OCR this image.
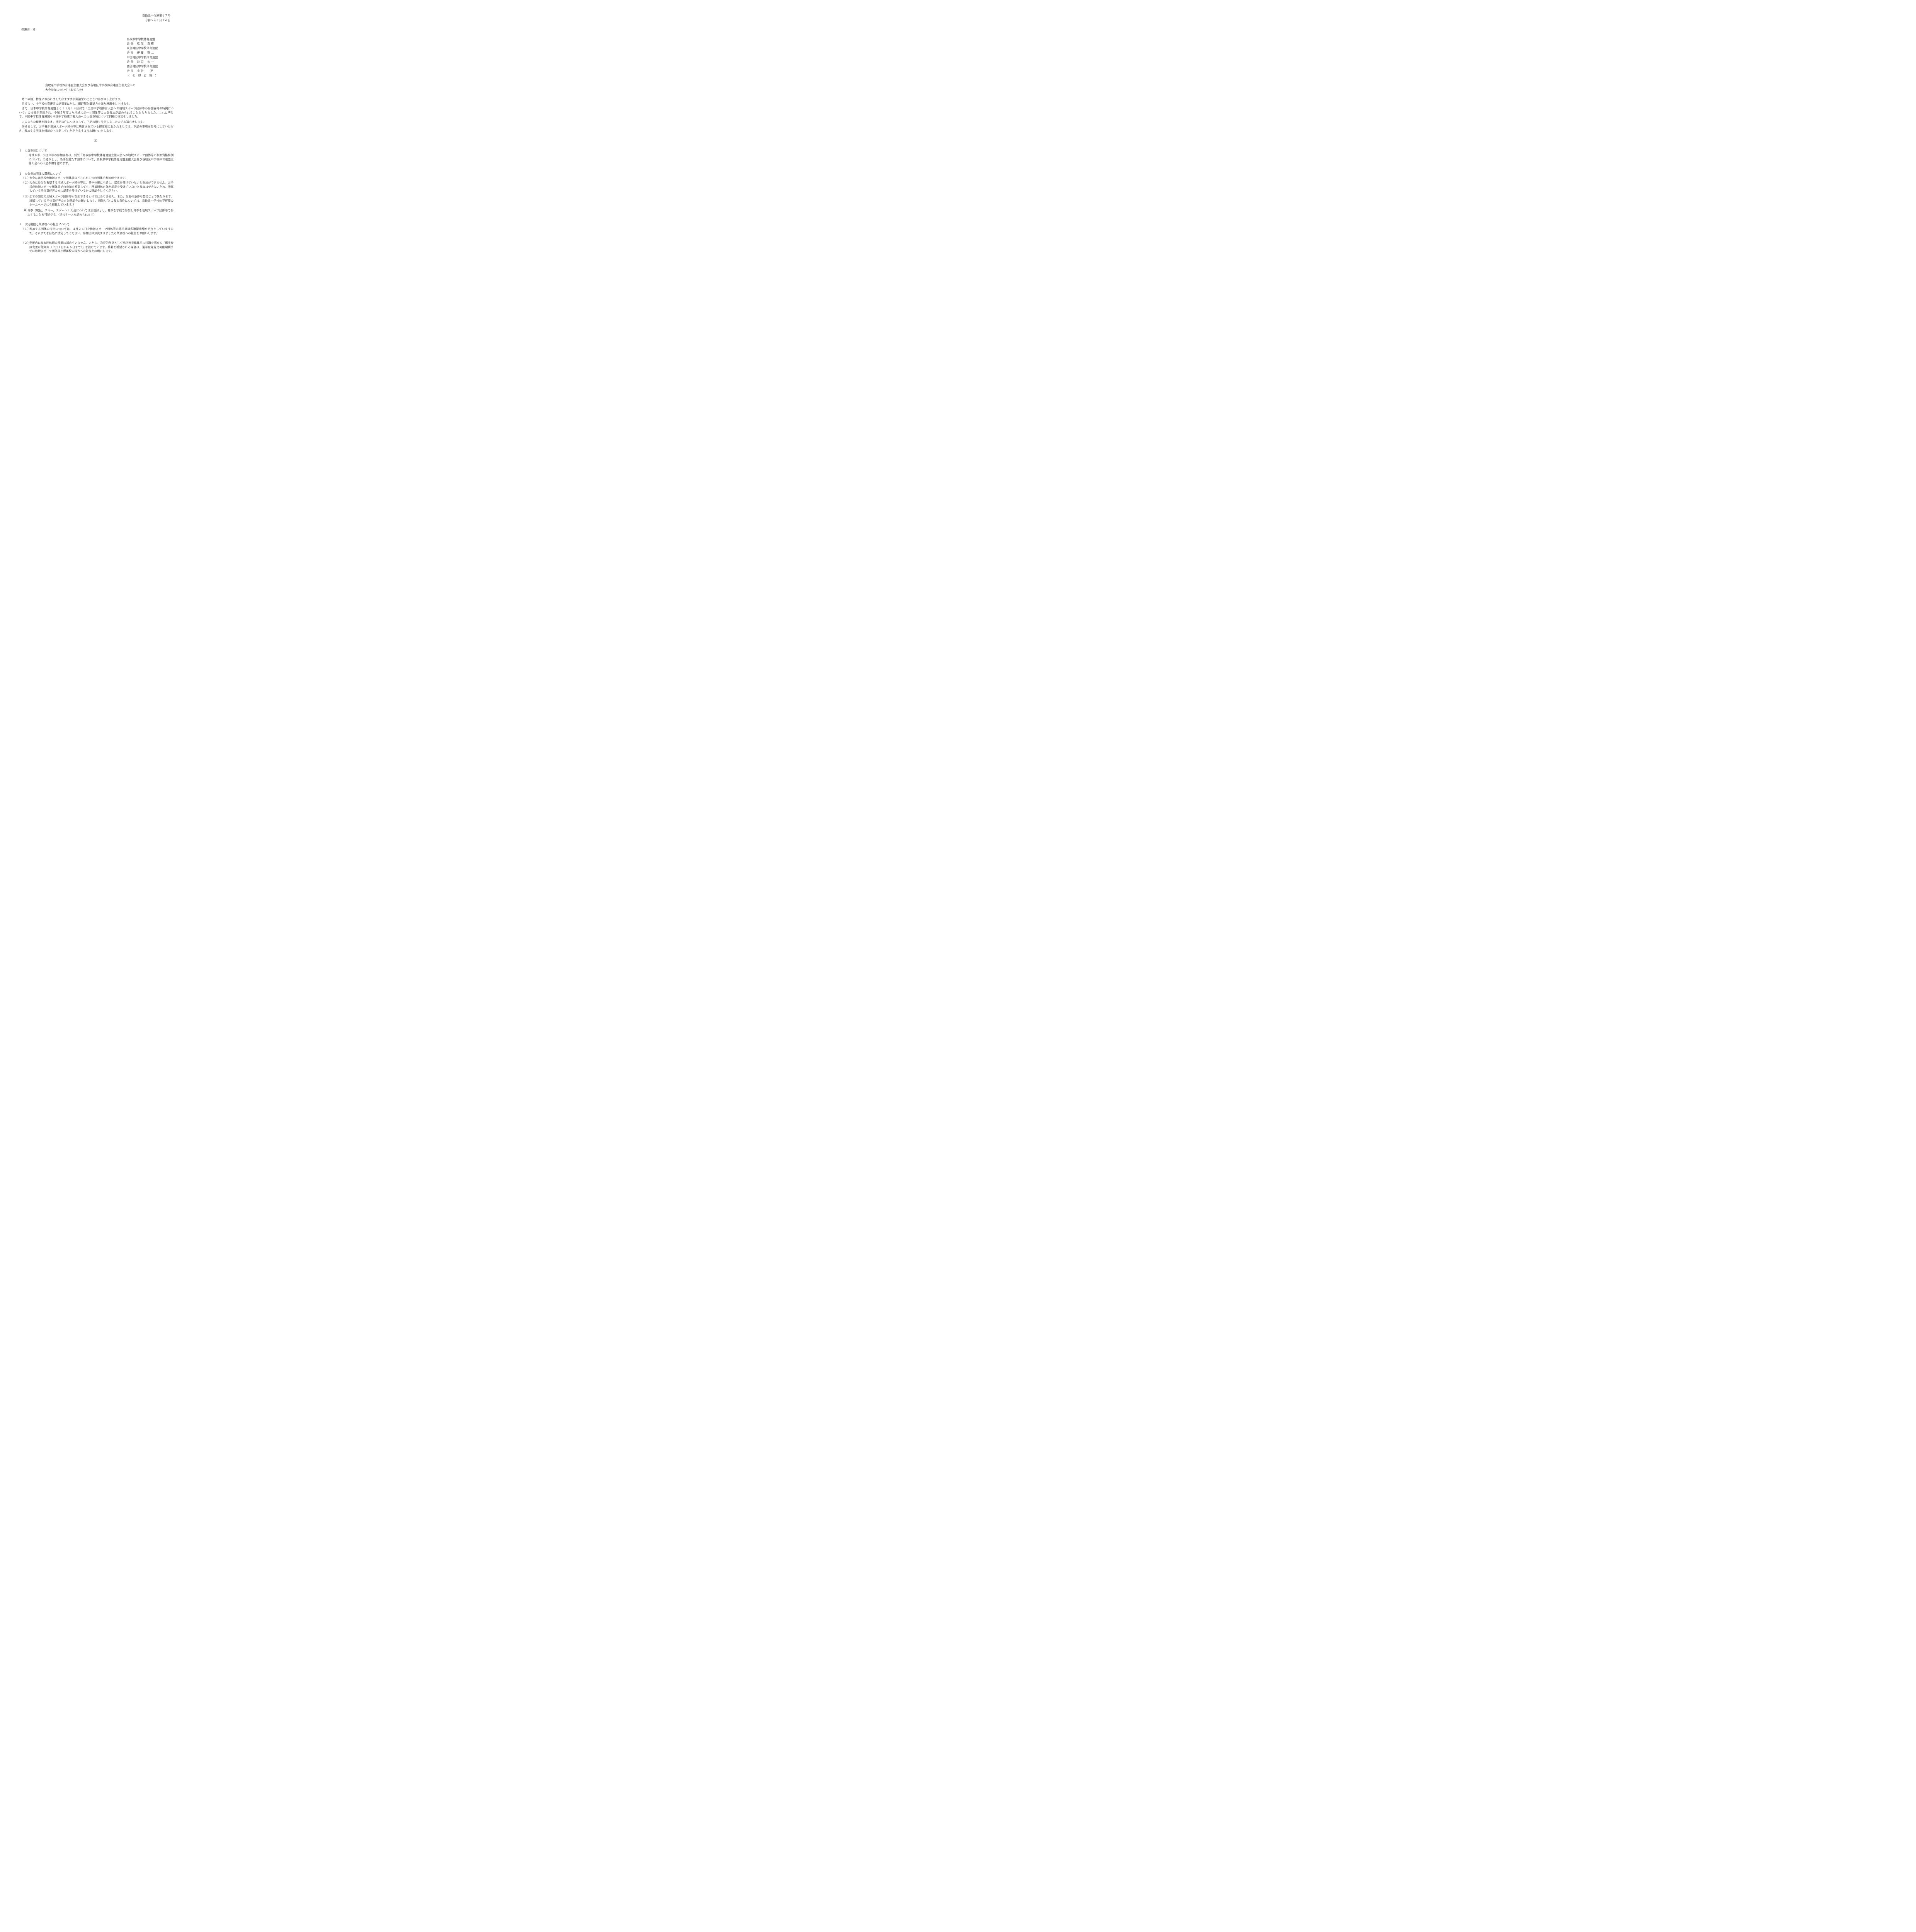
鳥取県中体連第６７号
令和５年１月１６日
保護者　様
鳥取県中学校体育連盟
会 長　 松 尾　 直 樹
東部地区中学校体育連盟
会 長　 伊 藤　 賢 二
中部地区中学校体育連盟
会 長　 池 口　 公 一
西部地区中学校体育連盟
会 長　 小 谷　　 斉
（　公　印　省　略　）
鳥取県中学校体育連盟主催大会及び各地区中学校体育連盟主催大会への
大会参加について（お知らせ）
寒中の候、皆様におかれましてはますます御清栄のこととお喜び申し上げます。
日頃より、中学校体育連盟の諸事業に対し、御理解と御協力を賜り感謝申し上げます。
さて、日本中学校体育連盟より１１月１４日付で「全国中学校体育大会への地域スポーツ団体等の参加資格の特例について」の文書が発出され、令和５年度より地域スポーツ団体等の大会参加が認められることとなりました。これに準じて、中国中学校体育連盟も中国中学校選手権大会への大会参加について同様の決定をしました。
このような現状を踏まえ、標記の件につきまして、下記の通り決定しましたのでお知らせします。
併せまして、お子様が地域スポーツ団体等に所属されている御家庭におかれましては、下記の事項を参考にしていただき、参加する団体を相談の上決定していただきますようお願いいたします。
記
１　大会参加について
・ 地域スポーツ団体等の参加資格は、別紙「鳥取県中学校体育連盟主催大会への地域スポーツ団体等の参加資格特例について」の通りとし、条件を満たす団体について、鳥取県中学校体育連盟主催大会及び各地区中学校体育連盟主催大会への大会参加を認めます。
２　大会参加団体の選択について
（１）
大会には学校か地域スポーツ団体等のどちらか１つの団体で参加ができます。
（２）
大会に参加を希望する地域スポーツ団体等は、県中体連に申請し、認定を受けていないと参加ができません。お子様が地域スポーツ団体等での参加を希望しても、所属団体自体が認定を受けていないと参加はできないため、所属している団体責任者の方に認定を受けているかの確認をしてください。
（３）
全ての競技で地域スポーツ団体等が参加できるわけではありません。また、参加の条件も競技ごとで異なります。所属している団体責任者の方と確認をお願いします。（競技ごとの参加条件については、鳥取県中学校体育連盟のホームページにも掲載しています。）
※ 冬季（駅伝，スキー，スケート）大会については別登録とし，夏季を学校で参加し冬季を地域スポーツ団体等で参加することも可能です。（逆のケースも認められます）
３　決定期限と所属校への報告について
（１）
参加する団体の決定については、４月２４日を地域スポーツ団体等の選手登録名簿提出締め切りとしていますので、それまでを目処に決定してください。参加団体が決まりましたら所属校への報告をお願いします。
（２）
年度内に参加団体間の移籍は認めていません。ただし、教育的配慮として地区秋季総体前に移籍を認める「選手登録変更可能期間（９月１日から６日まで）」を設けています。移籍を希望される場合は、選手登録変更可能期間までに地域スポーツ団体等と所属校の両方への報告をお願いします。
